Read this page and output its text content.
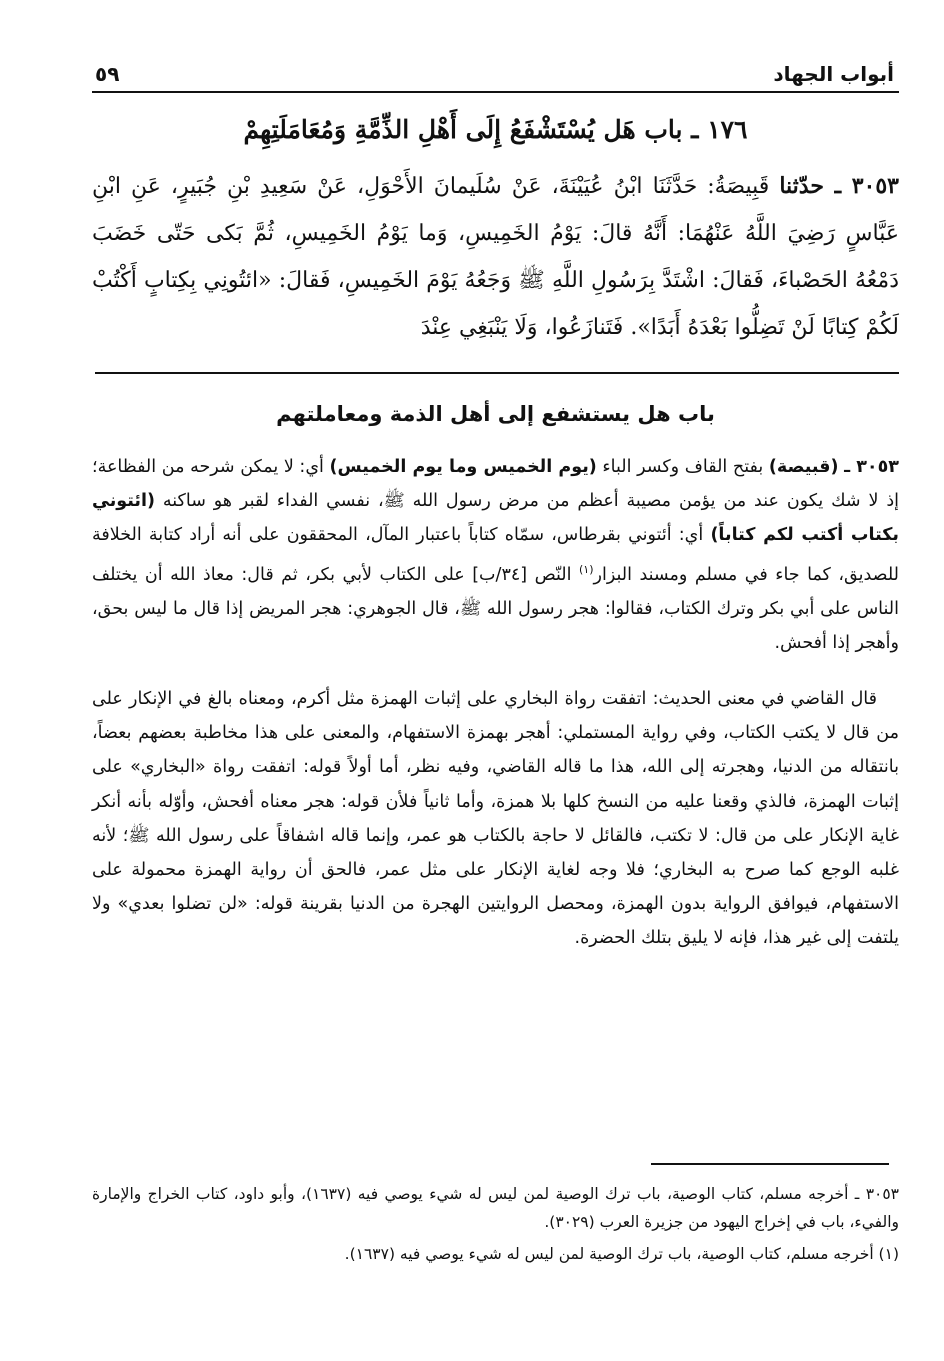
أبواب الجهاد
٥٩
١٧٦ ـ باب هَل يُسْتَشْفَعُ إِلَى أَهْلِ الذِّمَّةِ وَمُعَامَلَتِهِمْ
٣٠٥٣ ـ حدّثنا قَبِيصَةُ: حَدَّثَنَا ابْنُ عُيَيْنَةَ، عَنْ سُلَيمانَ الأَحْوَلِ، عَنْ سَعِيدِ بْنِ جُبَيرٍ، عَنِ ابْنِ عَبَّاسٍ رَضِيَ اللَّهُ عَنْهُمَا: أَنَّهُ قالَ: يَوْمُ الخَمِيسِ، وَما يَوْمُ الخَمِيسِ، ثُمَّ بَكى حَتّى خَضَبَ دَمْعُهُ الحَصْباءَ، فَقالَ: اشْتَدَّ بِرَسُولِ اللَّهِ ﷺ وَجَعُهُ يَوْمَ الخَمِيسِ، فَقالَ: «ائتُونِي بِكِتابٍ أَكْتُبْ لَكُمْ كِتابًا لَنْ تَضِلُّوا بَعْدَهُ أَبَدًا». فَتَنازَعُوا، وَلَا يَنْبَغِي عِنْدَ
باب هل يستشفع إلى أهل الذمة ومعاملتهم

٣٠٥٣ ـ (قبيصة) بفتح القاف وكسر الباء (يوم الخميس وما يوم الخميس) أي: لا يمكن شرحه من الفظاعة؛ إذ لا شك يكون عند من يؤمن مصيبة أعظم من مرض رسول الله ﷺ، نفسي الفداء لقبر هو ساكنه (ائتوني بكتاب أكتب لكم كتاباً) أي: أئتوني بقرطاس، سمّاه كتاباً باعتبار المآل، المحققون على أنه أراد كتابة الخلافة للصديق، كما جاء في مسلم ومسند البزار$^{(١)}$ النّص [٣٤/ب] على الكتاب لأبي بكر، ثم قال: معاذ الله أن يختلف الناس على أبي بكر وترك الكتاب، فقالوا: هجر رسول الله ﷺ، قال الجوهري: هجر المريض إذا قال ما ليس بحق، وأهجر إذا أفحش.

قال القاضي في معنى الحديث: اتفقت رواة البخاري على إثبات الهمزة مثل أكرم، ومعناه بالغ في الإنكار على من قال لا يكتب الكتاب، وفي رواية المستملي: أهجر بهمزة الاستفهام، والمعنى على هذا مخاطبة بعضهم بعضاً، بانتقاله من الدنيا، وهجرته إلى الله، هذا ما قاله القاضي، وفيه نظر، أما أولاً قوله: اتفقت رواة «البخاري» على إثبات الهمزة، فالذي وقعنا عليه من النسخ كلها بلا همزة، وأما ثانياً فلأن قوله: هجر معناه أفحش، وأوّله بأنه أنكر غاية الإنكار على من قال: لا تكتب، فالقائل لا حاجة بالكتاب هو عمر، وإنما قاله اشفاقاً على رسول الله ﷺ؛ لأنه غلبه الوجع كما صرح به البخاري؛ فلا وجه لغاية الإنكار على مثل عمر، فالحق أن رواية الهمزة محمولة على الاستفهام، فيوافق الرواية بدون الهمزة، ومحصل الروايتين الهجرة من الدنيا بقرينة قوله: «لن تضلوا بعدي» ولا يلتفت إلى غير هذا، فإنه لا يليق بتلك الحضرة.

٣٠٥٣ ـ أخرجه مسلم، كتاب الوصية، باب ترك الوصية لمن ليس له شيء يوصي فيه (١٦٣٧)، وأبو داود، كتاب الخراج والإمارة والفيء، باب في إخراج اليهود من جزيرة العرب (٣٠٢٩).

(١) أخرجه مسلم، كتاب الوصية، باب ترك الوصية لمن ليس له شيء يوصي فيه (١٦٣٧).
